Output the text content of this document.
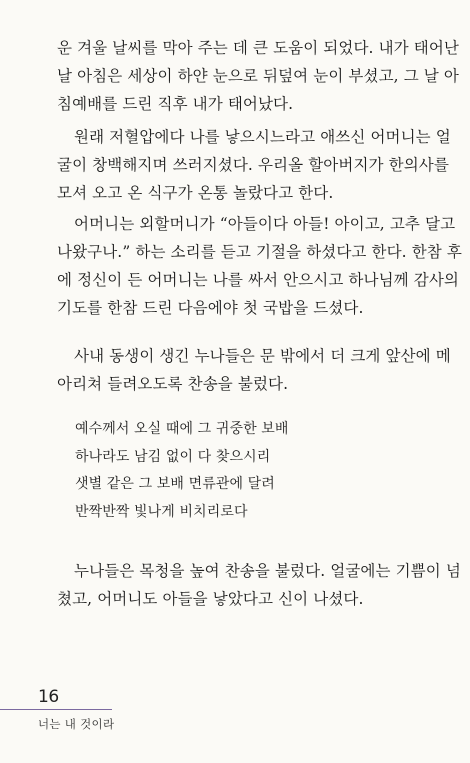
운 겨울 날씨를 막아 주는 데 큰 도움이 되었다. 내가 태어난
날 아침은 세상이 하얀 눈으로 뒤덮여 눈이 부셨고, 그 날 아
침예배를 드린 직후 내가 태어났다.

원래 저혈압에다 나를 낳으시느라고 애쓰신 어머니는 얼
굴이 창백해지며 쓰러지셨다. 우리올 할아버지가 한의사를
모셔 오고 온 식구가 온통 놀랐다고 한다.

어머니는 외할머니가 “아들이다 아들! 아이고, 고추 달고
나왔구나.” 하는 소리를 듣고 기절을 하셨다고 한다. 한참 후
에 정신이 든 어머니는 나를 싸서 안으시고 하나님께 감사의
기도를 한참 드린 다음에야 첫 국밥을 드셨다.

사내 동생이 생긴 누나들은 문 밖에서 더 크게 앞산에 메
아리쳐 들려오도록 찬송을 불렀다.

예수께서 오실 때에 그 귀중한 보배
하나라도 남김 없이 다 찾으시리
샛별 같은 그 보배 면류관에 달려
반짝반짝 빛나게 비치리로다

누나들은 목청을 높여 찬송을 불렀다. 얼굴에는 기쁨이 넘
쳤고, 어머니도 아들을 낳았다고 신이 나셨다.

16
너는 내 것이라
